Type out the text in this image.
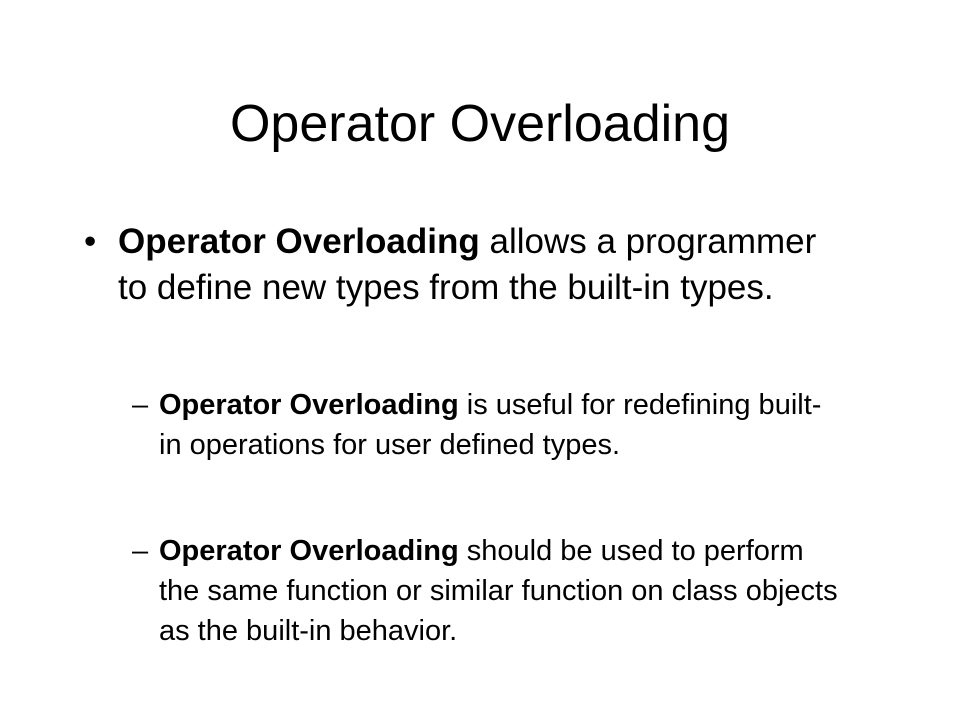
Operator Overloading
• Operator Overloading allows a programmer to define new types from the built-in types.
– Operator Overloading is useful for redefining built-in operations for user defined types.
– Operator Overloading should be used to perform the same function or similar function on class objects as the built-in behavior.
